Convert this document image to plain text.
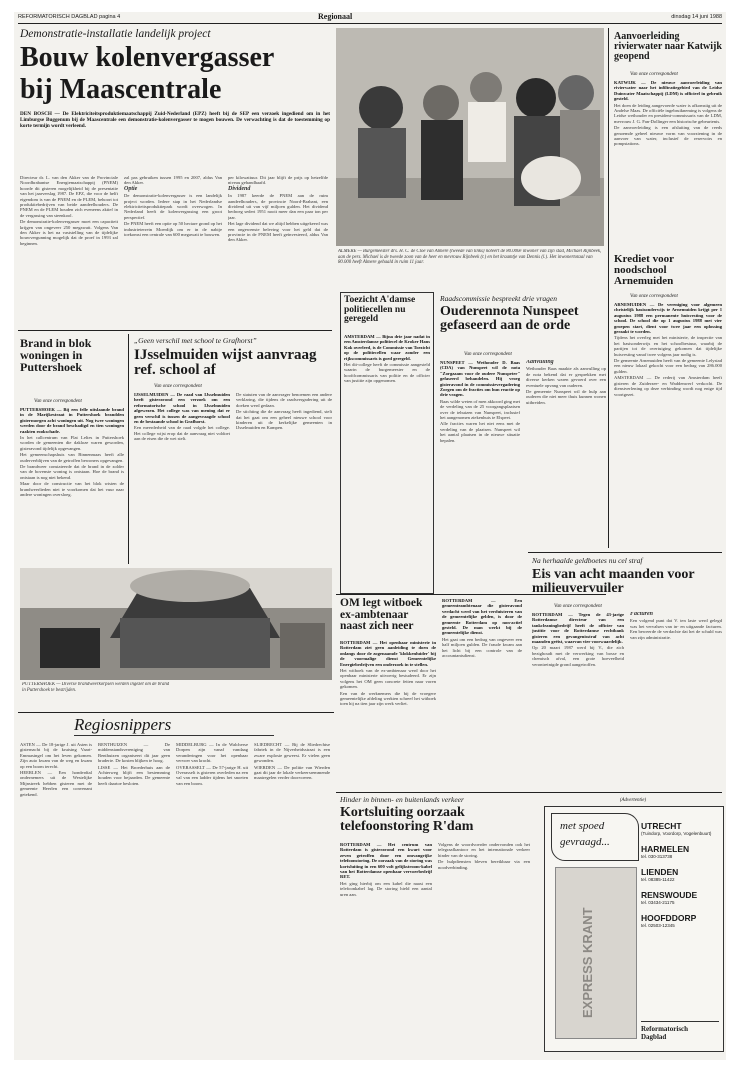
REFORMATORISCH DAGBLAD pagina 4	Regionaal	dinsdag 14 juni 1988
Demonstratie-installatie landelijk project
Bouw kolenvergasser
bij Maascentrale
DEN BOSCH — De Elektriciteitsproduktiemaatschappij Zuid-Nederland (EPZ) heeft bij de SEP een verzoek ingediend om in het Limburgse Buggenum bij de Maascentrale een demonstratie-kolenvergasser te mogen bouwen. De verwachting is dat de toestemming op korte termijn wordt verleend.

Directeur dr. L. van den Akker van de Provinciale Noordbrabantse Energiemaatschappij (PNEM) hoorde dit gisteren mogelijkheid bij de presentatie van het jaarverslag 1987. De EPZ, die voor de helft eigendom is van de PNEM en de PLEM, behoort tot produktiebedrijven van beide aandeelhouders. De PNEM en de PLEM houden zich eveneens aktief in de vergassing van steenkool.

De demonstratie-kolenvergasser moet een capaciteit krijgen van ongeveer 250 megawatt. Volgens Van den Akker is het na vaststelling van de tijdelijke bouwvergunning mogelijk dat de proef in 1993 zal beginnen.

zal pas gebruiken tussen 1995 en 2007, aldus Van den Akker.

Optie

De demonstratie-kolenvergasser is een landelijk project worden. Iedere stap in het Nederlandse elektriciteitsproduktiepark wordt overwogen. In Nederland heeft de kolenvergassing een groot perspectief.

De PNEM heeft een optie op 50 hectare grond op het industrieterrein Moerdijk om er in de nabije toekomst een centrale van 600 megawatt te bouwen.

per kilowattuur. Dit jaar blijft de prijs op hetzelfde niveau gehandhaafd.

Dividend

In 1987 keerde de PNEM aan de ruim aandeelhouders, de provincie Noord-Brabant, een dividend uit van vijf miljoen gulden. Het dividend bedroeg sedert 1951 nooit meer dan een paar ton per jaar.

Het lage dividend dat we altijd hebben uitgekeerd was een ongewenste beleving voor het geld dat de provincie in de PNEM heeft geïnvesteerd, aldus Van den Akker.

ALMERE — Burgemeester drs. H. C. de Cloe van Almere (tweede van links) noteert de 80.000e inwoner van zijn stad, Michael Rijnbeek, aan de pers. Michael is de tweede zoon van de heer en mevrouw Rijnbeek (r.) en het kraamtje van Dennis (l.). Het inwonertotaal van 80.000 heeft Almere gehaald in ruim 11 jaar.
Aanvoerleiding rivierwater naar Katwijk geopend
Van onze correspondent

KATWIJK — De nieuwe aanvoerleiding van rivierwater naar het infiltratiegebied van de Leidse Duinwater Maatschappij (LDM) is officieel in gebruik gesteld.

Het doen de leiding aangevoerde water is afkomstig uit de Andelse Maas. De officiële ingebruikneming is volgens de Leidse wethouder en president-commissaris van de LDM, mevrouw J. G. Fan-Dollinger een historische gebeurtenis.

De aanvoerleiding is een afsluiting van de reeds genoemde geheel nieuwe vorm van voorziening in de aanvoer van water, inclusief de reservoirs en pompstations.

Krediet voor noodschool Arnemuiden
Van onze correspondent

ARNEMUIDEN — De vereniging voor algemeen christelijk basisonderwijs te Arnemuiden krijgt per 1 augustus 1988 een permanente huisvesting voor de school. De school die op 1 augustus 1988 met vier groepen start, dient voor twee jaar een oplossing geraakt te worden.

Tijdens het overleg met het ministerie, de inspectie van het basisonderwijs en het schoolbestuur, waarbij de partijen tot de overtuiging gekomen dat tijdelijke huisvesting vanaf twee volgens jaar nodig is.

De gemeente Arnemuiden heeft van de gemeente Lelystad een nieuw lokaal gekocht voor een bedrag van 286.000 gulden.

AMSTERDAM — De rederij van Amsterdam heeft gisteren de Zuiderzee- en Waddenwerf verkocht. De dienstverlening op deze verbinding wordt nog enige tijd voortgezet.

Brand in blok woningen in Puttershoek
Van onze correspondent

PUTTERSHOEK — Bij een felle uitslaande brand in de Marijkestraat in Puttershoek brandden gistermorgen acht woningen uit. Nog twee woningen werden door de brand beschadigd en tien woningen raakten rookschade.

In het callcentrum van Flat Lelies in Puttershoek worden de gemeenten die dakloze waren geworden, gisteravond tijdelijk opgevangen.

Het gemeenschapshuis van Binnenmaas heeft alle ouderverblijven van de getroffen bewoners opgevangen.

De brandweer constateerde dat de brand in de zolder van de bovenste woning is ontstaan. Hoe de brand is ontstaan is nog niet bekend.

Maar door de constructie van het blok wisten de brandweerlieden niet te voorkomen dat het vuur naar andere woningen oversloeg.

„Geen verschil met school te Grafhorst”
IJsselmuiden wijst aanvraag ref. school af
Van onze correspondent

IJSSELMUIDEN — De raad van IJsselmuiden heeft gisteravond een verzoek om een reformatorische school in IJsselmuiden afgewezen. Het college was van mening dat er geen verschil is tussen de aangevraagde school en de bestaande school in Grafhorst.

Een meerderheid van de raad volgde het college. Het college wijst erop dat de aanvraag niet voldoet aan de eisen die de wet stelt.

De statuten van de aanvrager benoemen een andere verklaring, die tijdens de raadsvergadering uit de doeken werd gedaan.

De stichting die de aanvraag heeft ingediend, stelt dat het gaat om een geheel nieuwe school voor kinderen uit de kerkelijke gemeenten in IJsselmuiden en Kampen.

PUTTERSHOEK — Diverse brandweerkorpsen werden ingezet om de brand in Puttershoek te bestrijden.
Toezicht A'damse politiecellen nu geregeld

AMSTERDAM — Bijna drie jaar nadat in een Amsterdamse politiecel de Kroker Hans Kok overleed, is de Commissie van Toezicht op de politiecellen waar zonder een rijkscommissaris is goed geregeld.

Het dit-college heeft de commissie aangesteld waarin de burgemeester en de hoofdcommissaris van politie en de officier van justitie zijn opgenomen.

Raadscommissie bespreekt drie vragen
Ouderennota Nunspeet gefaseerd aan de orde
Van onze correspondent

NUNSPEET — Wethouder D. Baas (CDA) van Nunspeet wil de nota "Zorgzaam voor de oudere Nunspeter" gefaseerd behandelen. Hij vroeg gisteravond in de commissievergadering Zorgen om de fracties om hun reactie op drie vragen.

Baas wilde weten of men akkoord ging met de verdeling van de 25 voorgangsplaatsen over de tehuizen van Nunspeet, inclusief het aangenomen ziekenhuis te Elspeet.

Alle fracties waren het niet eens met de verdeling van de plaatsen. Nunspeet wil het aantal plaatsen in de nieuwe situatie bepalen.

Aanvulling

Wethouder Baas maakte als aanvulling op de nota bekend dat er gesprekken met diverse kerken waren gevoerd over een eventuele opvang van ouderen.

De gemeente Nunspeet wil de hulp aan ouderen die niet meer thuis kunnen wonen uitbreiden.

OM legt witboek ex-ambtenaar naast zich neer

ROTTERDAM — Het openbaar ministerie in Rotterdam ziet geen aanleiding te doen de onlangs door de zogenaamde 'klokkenluider' bij de voormalige dienst Gemeentelijke Energiebedrijven een onderzoek in te stellen.

Het witboek van de ex-ambtenaar werd door het openbaar ministerie uitvoerig bestudeerd. Er zijn volgens het OM geen concrete feiten naar voren gekomen.

Een van de werknemers die bij de vroegere gemeentelijke afdeling werkten schreef het witboek toen hij na tien jaar zijn werk verliet.

ROTTERDAM — Een gemeenteambtenaar die gisteravond verdacht werd van het verduisteren van de gemeentelijke gelden, is door de gemeente Rotterdam op non-actief gesteld. De man werkt bij de gemeentelijke dienst.

Het gaat om een bedrag van ongeveer een half miljoen gulden. De fraude kwam aan het licht bij een controle van de accountantsdienst.

Na herhaalde geldboetes nu cel straf
Eis van acht maanden voor milieuvervuiler
Van onze correspondent

ROTTERDAM — Tegen de 43-jarige Rotterdamse directeur van een tankcleaningbedrijf heeft de officier van justitie voor de Rotterdamse rechtbank gisteren een gevangenisstraf van acht maanden geëist, waarvan vier voorwaardelijk.

Op 20 maart 1987 werd bij V., die zich bezighoudt met de verwerking van bosse en chemisch afval, een grote hoeveelheid verontreinigde grond aangetroffen.

Facturen

Een volgend punt dat V. ten laste werd gelegd was het vervalsen van in- en uitgaande facturen. Een beweerde de verdachte dat het de schuld was van zijn administratie.

Regiosnippers

ASTEN — De 18-jarige J. uit Asten is gisternacht bij de kruising Vaart-Emmasingel om het leven gekomen. Zijn auto kwam van de weg en kwam op een boom terecht.

HEERLEN — Een honderdtal ondernemers uit de Westelijke Mijnstreek hebben gisteren met de gemeente Heerlen een convenant getekend.

BENTHUIZEN — De middenstandsvereniging van Benthuizen organiseert dit jaar geen braderie. De kosten blijken te hoog.

LISSE — Het Broederhuis aan de Achterweg blijft een bestemming houden voor bejaarden. De gemeente heeft daartoe besloten.

MIDDELBURG — In de Walcherse Dorpen zijn vanaf vandaag veranderingen voor het openbaar vervoer van kracht.

OVERASSELT — De 57-jarige H. uit Overasselt is gisteren overleden na een val van een ladder tijdens het snoeien van een boom.

SLIEDRECHT — Bij de Sliedrechtse fabriek in de Nijverheidsstraat is een zware explosie geweest. Er vielen geen gewonden.

WIERDEN — De politie van Wierden gaat dit jaar de lokale verkeersremmende maatregelen verder doorvoeren.

Hinder in binnen- en buitenlands verkeer
Kortsluiting oorzaak telefoonstoring R'dam

ROTTERDAM — Het centrum van Rotterdam is gisteravond een kwart voor zeven getroffen door een omvangrijke telefoonstoring. De oorzaak van de storing was kortsluiting in een 600 volt gelijkstroom-kabel van het Rotterdamse openbaar vervoerbedrijf RET.

Het ging hierbij om een kabel die naast een telefoonkabel lag. De storing hield een aantal uren aan.

Volgens de woordvoerder ondervonden ook het telegraafkantoor en het internationale verkeer hinder van de storing.

De hulpdiensten bleven bereikbaar via een noodverbinding.

(Advertentie)
met spoed
gevraagd...
EXPRESS KRANT
UTRECHT
(Tuindorp, Voordorp, Vogelenbuurt)
HARMELEN
tel. 030-313738
LIENDEN
tel. 08385-11422
RENSWOUDE
tel. 03434-21175
HOOFDDORP
tel. 02503-12345
Reformatorisch
Dagblad
